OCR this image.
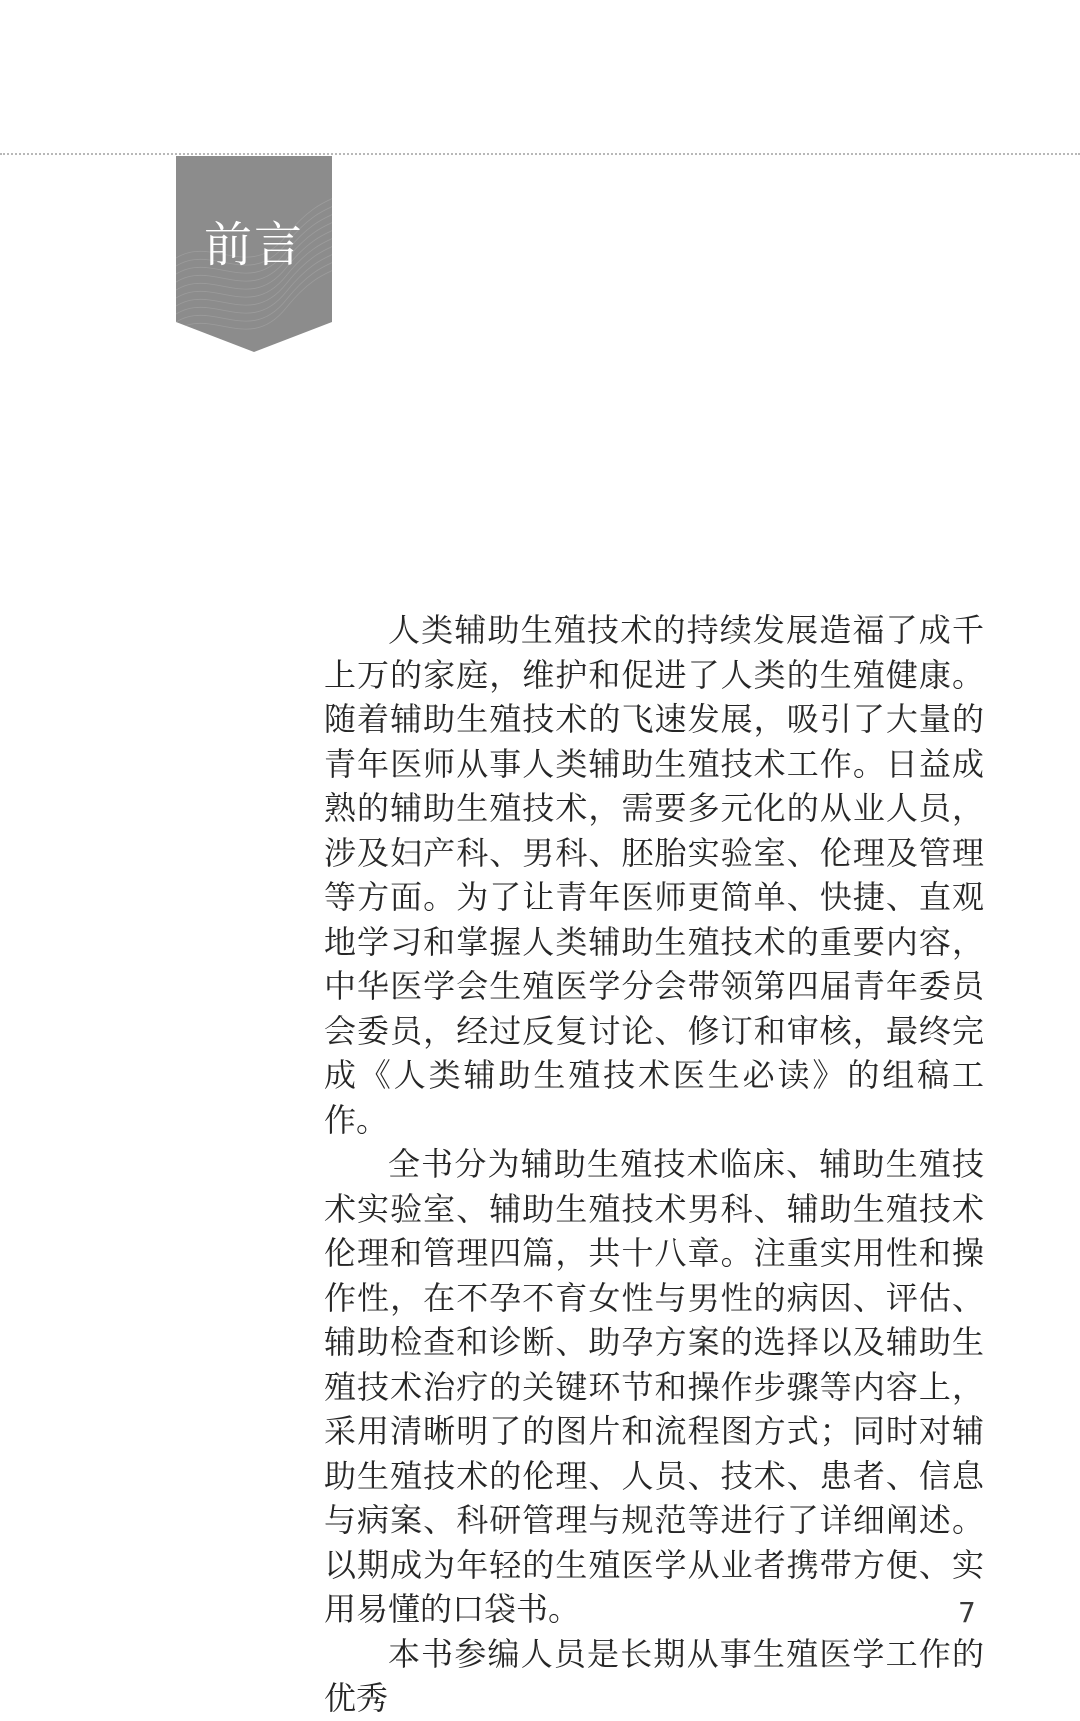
前言

人类辅助生殖技术的持续发展造福了成千上万的家庭，维护和促进了人类的生殖健康。随着辅助生殖技术的飞速发展，吸引了大量的青年医师从事人类辅助生殖技术工作。日益成熟的辅助生殖技术，需要多元化的从业人员，涉及妇产科、男科、胚胎实验室、伦理及管理等方面。为了让青年医师更简单、快捷、直观地学习和掌握人类辅助生殖技术的重要内容，中华医学会生殖医学分会带领第四届青年委员会委员，经过反复讨论、修订和审核，最终完成《人类辅助生殖技术医生必读》的组稿工作。

全书分为辅助生殖技术临床、辅助生殖技术实验室、辅助生殖技术男科、辅助生殖技术伦理和管理四篇，共十八章。注重实用性和操作性，在不孕不育女性与男性的病因、评估、辅助检查和诊断、助孕方案的选择以及辅助生殖技术治疗的关键环节和操作步骤等内容上，采用清晰明了的图片和流程图方式；同时对辅助生殖技术的伦理、人员、技术、患者、信息与病案、科研管理与规范等进行了详细阐述。以期成为年轻的生殖医学从业者携带方便、实用易懂的口袋书。

本书参编人员是长期从事生殖医学工作的优秀

7
